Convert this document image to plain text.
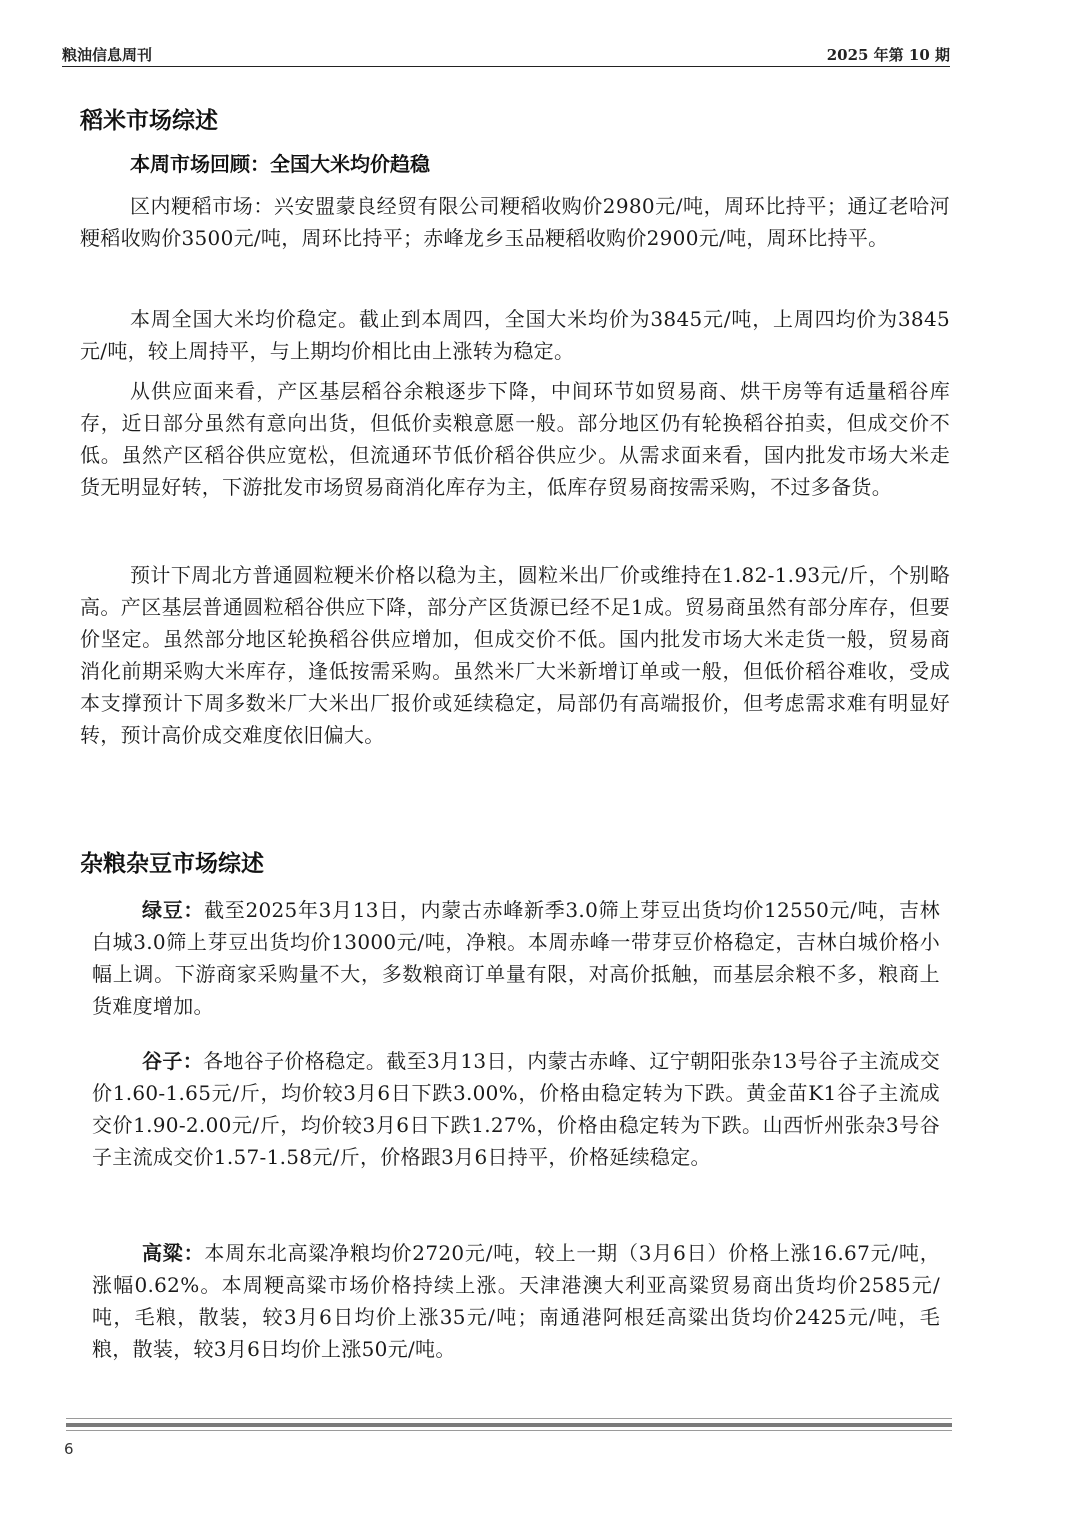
粮油信息周刊	2025 年第 10 期
稻米市场综述
本周市场回顾：全国大米均价趋稳

区内粳稻市场：兴安盟蒙良经贸有限公司粳稻收购价2980元/吨，周环比持平；通辽老哈河粳稻收购价3500元/吨，周环比持平；赤峰龙乡玉品粳稻收购价2900元/吨，周环比持平。

本周全国大米均价稳定。截止到本周四，全国大米均价为3845元/吨，上周四均价为3845元/吨，较上周持平，与上期均价相比由上涨转为稳定。

从供应面来看，产区基层稻谷余粮逐步下降，中间环节如贸易商、烘干房等有适量稻谷库存，近日部分虽然有意向出货，但低价卖粮意愿一般。部分地区仍有轮换稻谷拍卖，但成交价不低。虽然产区稻谷供应宽松，但流通环节低价稻谷供应少。从需求面来看，国内批发市场大米走货无明显好转，下游批发市场贸易商消化库存为主，低库存贸易商按需采购，不过多备货。

预计下周北方普通圆粒粳米价格以稳为主，圆粒米出厂价或维持在1.82-1.93元/斤，个别略高。产区基层普通圆粒稻谷供应下降，部分产区货源已经不足1成。贸易商虽然有部分库存，但要价坚定。虽然部分地区轮换稻谷供应增加，但成交价不低。国内批发市场大米走货一般，贸易商消化前期采购大米库存，逢低按需采购。虽然米厂大米新增订单或一般，但低价稻谷难收，受成本支撑预计下周多数米厂大米出厂报价或延续稳定，局部仍有高端报价，但考虑需求难有明显好转，预计高价成交难度依旧偏大。

杂粮杂豆市场综述

绿豆：截至2025年3月13日，内蒙古赤峰新季3.0筛上芽豆出货均价12550元/吨，吉林白城3.0筛上芽豆出货均价13000元/吨，净粮。本周赤峰一带芽豆价格稳定，吉林白城价格小幅上调。下游商家采购量不大，多数粮商订单量有限，对高价抵触，而基层余粮不多，粮商上货难度增加。

谷子：各地谷子价格稳定。截至3月13日，内蒙古赤峰、辽宁朝阳张杂13号谷子主流成交价1.60-1.65元/斤，均价较3月6日下跌3.00%，价格由稳定转为下跌。黄金苗K1谷子主流成交价1.90-2.00元/斤，均价较3月6日下跌1.27%，价格由稳定转为下跌。山西忻州张杂3号谷子主流成交价1.57-1.58元/斤，价格跟3月6日持平，价格延续稳定。

高粱：本周东北高粱净粮均价2720元/吨，较上一期（3月6日）价格上涨16.67元/吨，涨幅0.62%。本周粳高粱市场价格持续上涨。天津港澳大利亚高粱贸易商出货均价2585元/吨，毛粮，散装，较3月6日均价上涨35元/吨；南通港阿根廷高粱出货均价2425元/吨，毛粮，散装，较3月6日均价上涨50元/吨。

6
